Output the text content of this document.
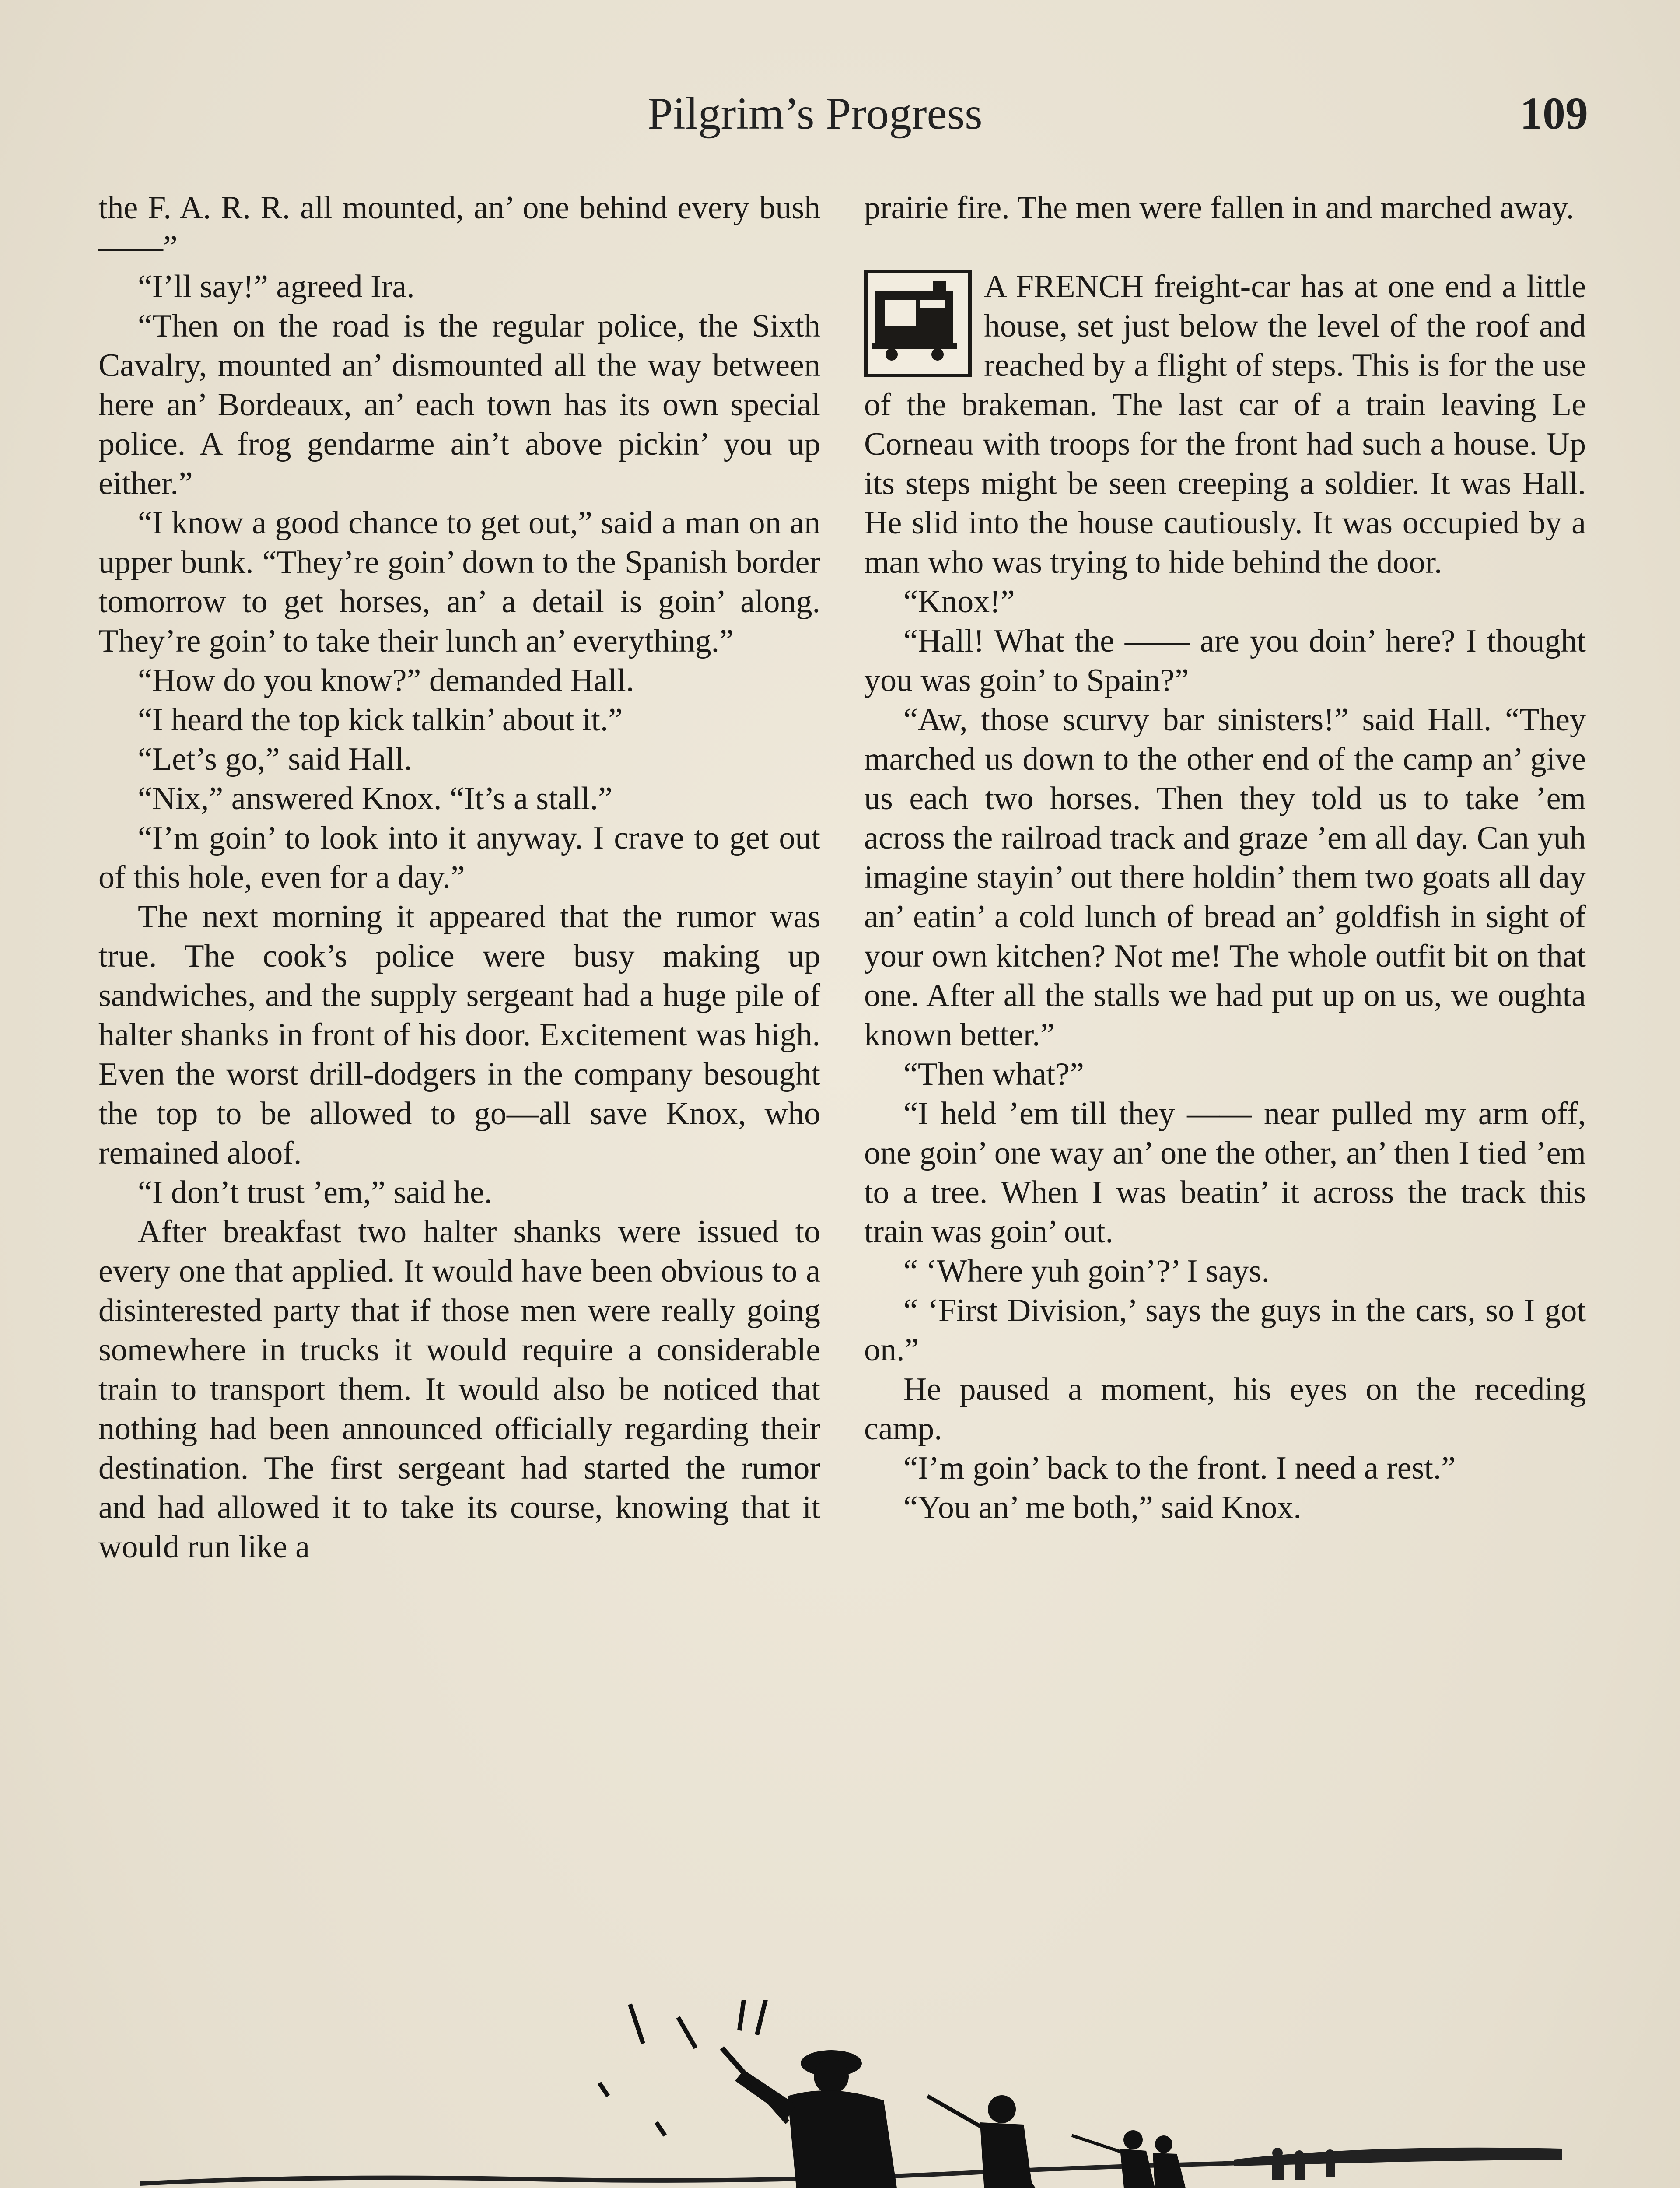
Pilgrim’s Progress	109

the F. A. R. R. all mounted, an’ one behind every bush——”

“I’ll say!” agreed Ira.

“Then on the road is the regular police, the Sixth Cavalry, mounted an’ dismounted all the way between here an’ Bordeaux, an’ each town has its own special police. A frog gendarme ain’t above pickin’ you up either.”

“I know a good chance to get out,” said a man on an upper bunk. “They’re goin’ down to the Spanish border tomorrow to get horses, an’ a detail is goin’ along. They’re goin’ to take their lunch an’ everything.”

“How do you know?” demanded Hall.

“I heard the top kick talkin’ about it.”

“Let’s go,” said Hall.

“Nix,” answered Knox. “It’s a stall.”

“I’m goin’ to look into it anyway. I crave to get out of this hole, even for a day.”

The next morning it appeared that the rumor was true. The cook’s police were busy making up sandwiches, and the supply sergeant had a huge pile of halter shanks in front of his door. Excitement was high. Even the worst drill-dodgers in the company besought the top to be allowed to go—all save Knox, who remained aloof.

“I don’t trust ’em,” said he.

After breakfast two halter shanks were issued to every one that applied. It would have been obvious to a disinterested party that if those men were really going somewhere in trucks it would require a considerable train to transport them. It would also be noticed that nothing had been announced officially regarding their destination. The first sergeant had started the rumor and had allowed it to take its course, knowing that it would run like a

prairie fire. The men were fallen in and marched away.

A FRENCH freight-car has at one end a little house, set just below the level of the roof and reached by a flight of steps. This is for the use of the brakeman. The last car of a train leaving Le Corneau with troops for the front had such a house. Up its steps might be seen creeping a soldier. It was Hall. He slid into the house cautiously. It was occupied by a man who was trying to hide behind the door.

“Knox!”

“Hall! What the —— are you doin’ here? I thought you was goin’ to Spain?”

“Aw, those scurvy bar sinisters!” said Hall. “They marched us down to the other end of the camp an’ give us each two horses. Then they told us to take ’em across the railroad track and graze ’em all day. Can yuh imagine stayin’ out there holdin’ them two goats all day an’ eatin’ a cold lunch of bread an’ goldfish in sight of your own kitchen? Not me! The whole outfit bit on that one. After all the stalls we had put up on us, we oughta known better.”

“Then what?”

“I held ’em till they —— near pulled my arm off, one goin’ one way an’ one the other, an’ then I tied ’em to a tree. When I was beatin’ it across the track this train was goin’ out.

“ ‘Where yuh goin’?’ I says.

“ ‘First Division,’ says the guys in the cars, so I got on.”

He paused a moment, his eyes on the receding camp.

“I’m goin’ back to the front. I need a rest.”

“You an’ me both,” said Knox.
